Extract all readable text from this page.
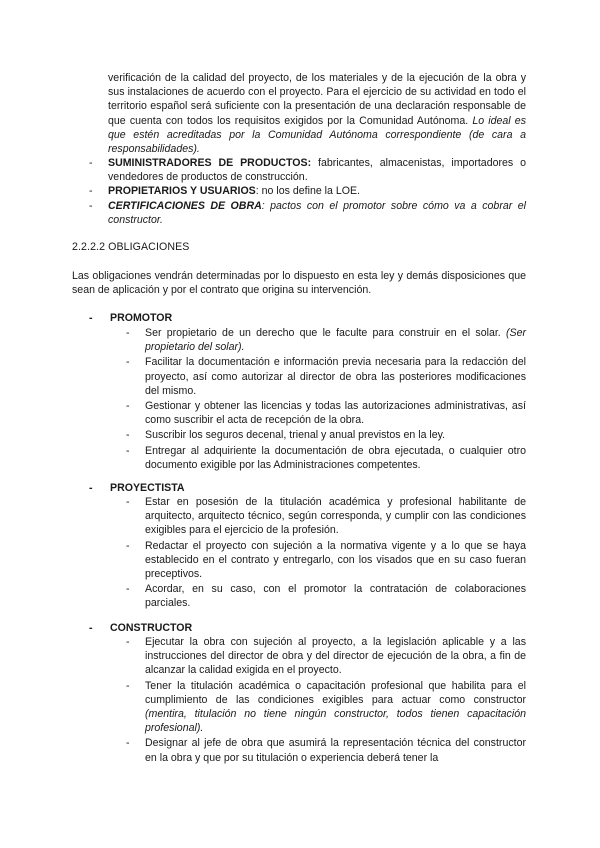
verificación de la calidad del proyecto, de los materiales y de la ejecución de la obra y sus instalaciones de acuerdo con el proyecto. Para el ejercicio de su actividad en todo el territorio español será suficiente con la presentación de una declaración responsable de que cuenta con todos los requisitos exigidos por la Comunidad Autónoma. Lo ideal es que estén acreditadas por la Comunidad Autónoma correspondiente (de cara a responsabilidades).

- SUMINISTRADORES DE PRODUCTOS: fabricantes, almacenistas, importadores o vendedores de productos de construcción.
- PROPIETARIOS Y USUARIOS: no los define la LOE.
- CERTIFICACIONES DE OBRA: pactos con el promotor sobre cómo va a cobrar el constructor.
2.2.2.2 OBLIGACIONES

Las obligaciones vendrán determinadas por lo dispuesto en esta ley y demás disposiciones que sean de aplicación y por el contrato que origina su intervención.

- PROMOTOR
- Ser propietario de un derecho que le faculte para construir en el solar. (Ser propietario del solar).
- Facilitar la documentación e información previa necesaria para la redacción del proyecto, así como autorizar al director de obra las posteriores modificaciones del mismo.
- Gestionar y obtener las licencias y todas las autorizaciones administrativas, así como suscribir el acta de recepción de la obra.
- Suscribir los seguros decenal, trienal y anual previstos en la ley.
- Entregar al adquiriente la documentación de obra ejecutada, o cualquier otro documento exigible por las Administraciones competentes.
- PROYECTISTA
- Estar en posesión de la titulación académica y profesional habilitante de arquitecto, arquitecto técnico, según corresponda, y cumplir con las condiciones exigibles para el ejercicio de la profesión.
- Redactar el proyecto con sujeción a la normativa vigente y a lo que se haya establecido en el contrato y entregarlo, con los visados que en su caso fueran preceptivos.
- Acordar, en su caso, con el promotor la contratación de colaboraciones parciales.
- CONSTRUCTOR
- Ejecutar la obra con sujeción al proyecto, a la legislación aplicable y a las instrucciones del director de obra y del director de ejecución de la obra, a fin de alcanzar la calidad exigida en el proyecto.
- Tener la titulación académica o capacitación profesional que habilita para el cumplimiento de las condiciones exigibles para actuar como constructor (mentira, titulación no tiene ningún constructor, todos tienen capacitación profesional).
- Designar al jefe de obra que asumirá la representación técnica del constructor en la obra y que por su titulación o experiencia deberá tener la
